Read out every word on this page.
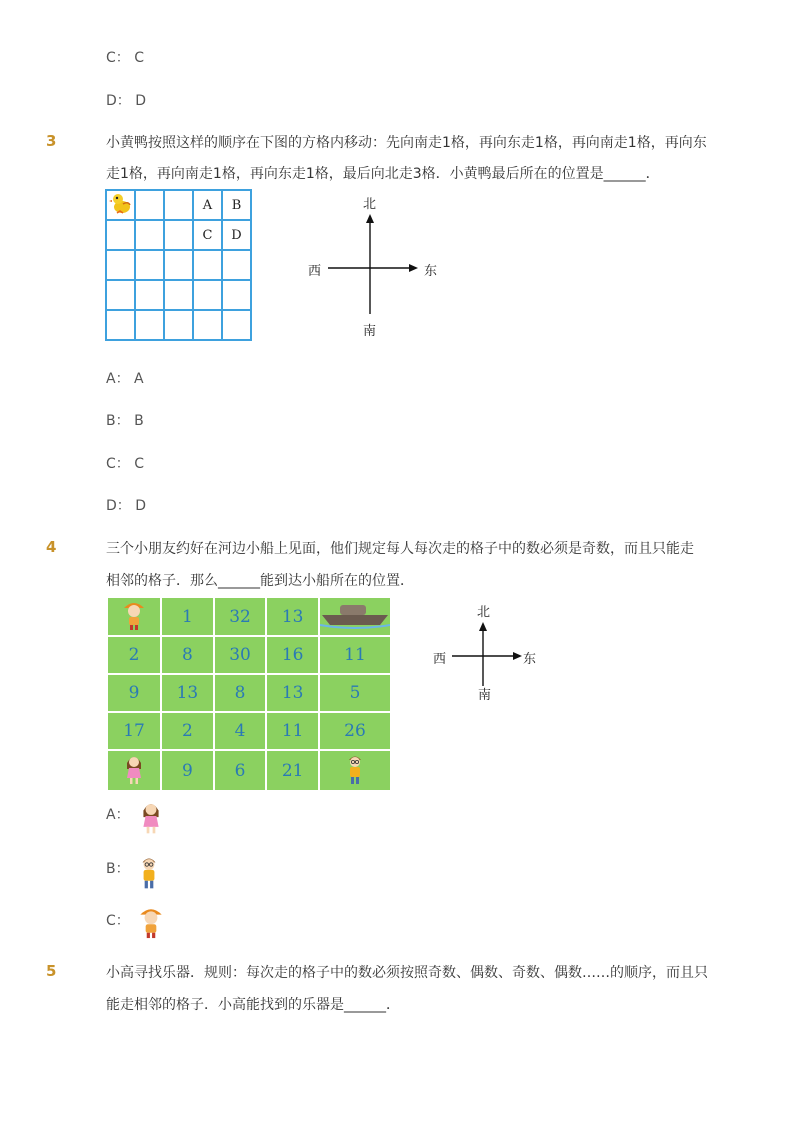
C： C
D： D
3	小黄鸭按照这样的顺序在下图的方格内移动：先向南走1格，再向东走1格，再向南走1格，再向东
走1格，再向南走1格，再向东走1格，最后向北走3格．小黄鸭最后所在的位置是______．
			A	B
			C	D

北
西	东
南
A： A
B： B
C： C
D： D
4	三个小朋友约好在河边小船上见面，他们规定每人每次走的格子中的数必须是奇数，而且只能走
相邻的格子．那么______能到达小船所在的位置．
	1	32	13	
2	8	30	16	11
9	13	8	13	5
17	2	4	11	26
	9	6	21	
北
西	东
南
A：
B：
C：
5	小高寻找乐器．规则：每次走的格子中的数必须按照奇数、偶数、奇数、偶数……的顺序，而且只
能走相邻的格子．小高能找到的乐器是______．
